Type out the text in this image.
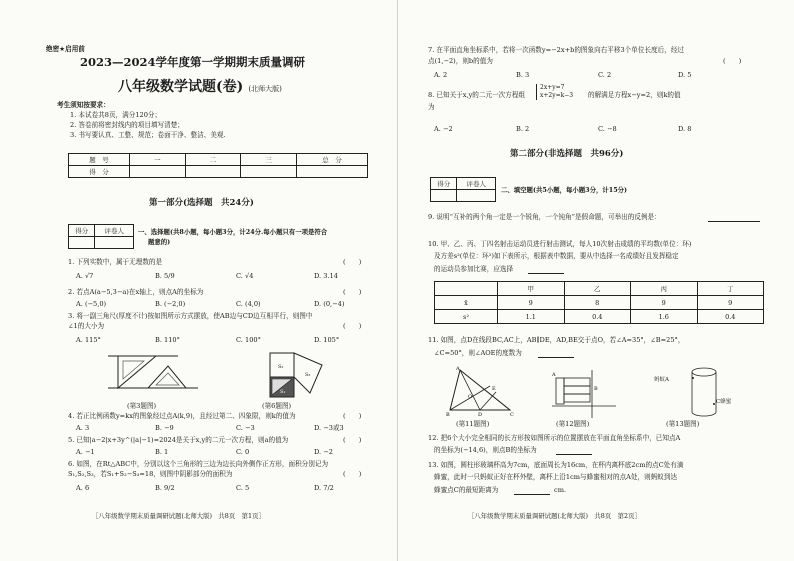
绝密★启用前
2023—2024学年度第一学期期末质量调研
八年级数学试题(卷) (北师大版)
考生须知按要求：
1. 本试卷共8页，满分120分；
2. 答卷前将密封线内的项目填写清楚；
3. 书写要认真、工整、规范；卷面干净、整洁、美观.
题　号	一	二	三	总　分
得　分				
第一部分(选择题　共24分)
得分	评卷人
	一、选择题(共8小题，每小题3分，计24分.每小题只有一项是符合
题意的)
1. 下列实数中，属于无理数的是	(　　)
A. √7	B. 5/9	C. √4	D. 3.14
2. 若点A(a−5,3−a)在x轴上，则点A的坐标为	(　　)
A. (−5,0)	B. (−2,0)	C. (4,0)	D. (0,−4)
3. 将一副三角尺(厚度不计)按如图所示方式摆放，使AB边与CD边互相平行，则图中
∠1的大小为	(　　)
A. 115°	B. 110°	C. 100°	D. 105°
(第3题图)
S₂
S₃
S₁
(第6题图)
4. 若正比例函数y=kx的图象经过点A(k,9)，且经过第二、四象限，则k的值为	(　　)
A. 3	B. −9	C. −3	D. −3或3
5. 已知|a−2|x+3y^(|a|−1)=2024是关于x,y的二元一次方程，则a的值为	(　　)
A. −1	B. 1	C. 0	D. −2
6. 如图，在Rt△ABC中，分别以这个三角形的三边为边长向外侧作正方形，面积分别记为
S₁,S₂,S₃，若S₁+S₂−S₃=18，则图中阴影部分的面积为	(　　)
A. 6	B. 9/2	C. 5	D. 7/2
［八年级数学期末质量调研试题(北师大版)　共8页　第1页］
7. 在平面直角坐标系中，若将一次函数y=−2x+b的图象向右平移3个单位长度后，经过
点(1,−2)，则b的值为	(　　)
A. 2	B. 3	C. 2	D. 5
8. 已知关于x,y的二元一次方程组
2x+y=7
x+2y=k−3 的解满足方程x−y=2，则k的值
为
A. −2	B. 2	C. −8	D. 8
第二部分(非选择题　共96分)
得分	评卷人

二、填空题(共5小题，每小题3分，计15分)
9. 说明“互补的两个角一定是一个锐角，一个钝角”是假命题，可举出的反例是：
10. 甲、乙、丙、丁四名射击运动员进行射击测试，每人10次射击成绩的平均数(单位：环)
及方差s²(单位：环²)如下表所示，根据表中数据，要从中选择一名成绩好且发挥稳定
的运动员参加比赛，应选择
	甲	乙	丙	丁
x̄	9	8	9	9
s²	1.1	0.4	1.6	0.4
11. 如图，点D在线段BC,AC上，AB∥DE，AD,BE交于点O，若∠A=35°，∠B=25°，
∠C=50°，则∠AOE的度数为
A
B	D	C
E
O
(第11题图)
A
B
(第12题图)
蚂蚁A
C蜂蜜
(第13题图)
12. 把6个大小完全相同的长方形按如图所示的位置摆放在平面直角坐标系中，已知点A
的坐标为(−14,6)，则点B的坐标为
13. 如图，圆柱形玻璃杯高为7cm，底面周长为16cm，在杯内离杯底2cm的点C处有滴
蜂蜜，此时一只蚂蚁正好在杯外壁，离杯上沿1cm与蜂蜜相对的点A处，则蚂蚁到达
蜂蜜点C的最短距离为	cm.
［八年级数学期末质量调研试题(北师大版)　共8页　第2页］
